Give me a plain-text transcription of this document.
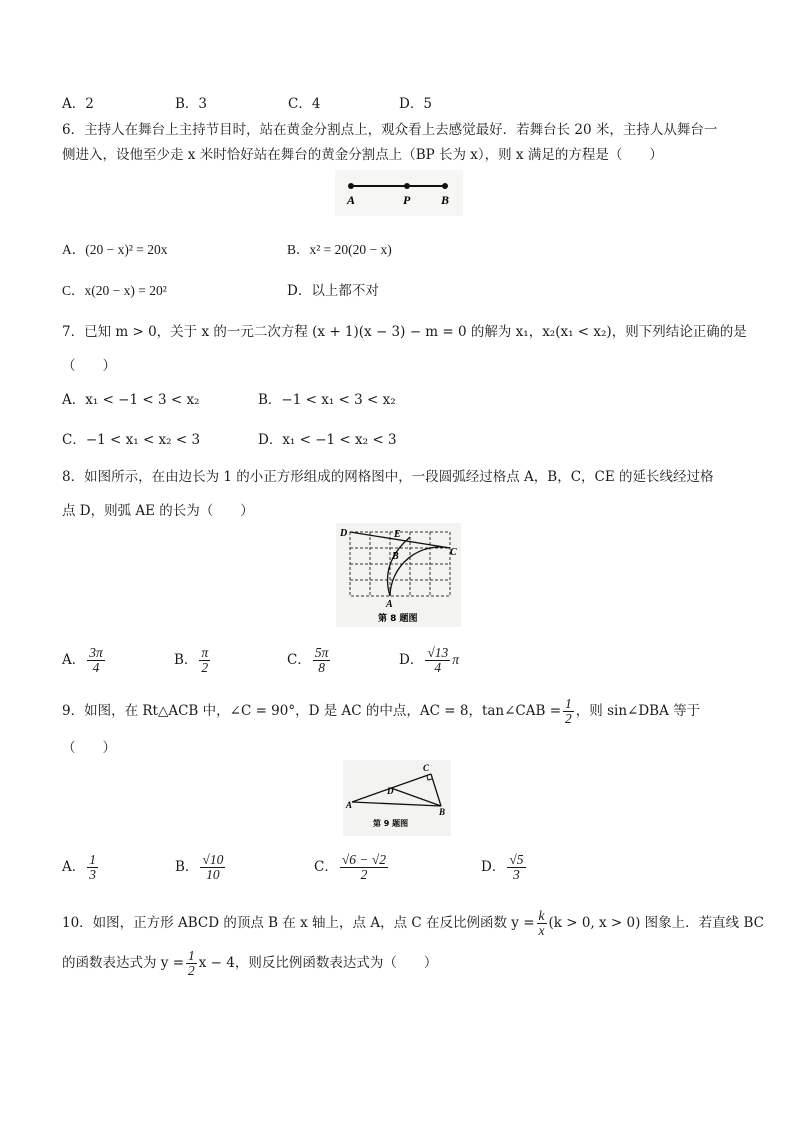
A．2	B．3	C．4	D．5
6．主持人在舞台上主持节目时，站在黄金分割点上，观众看上去感觉最好．若舞台长 20 米，主持人从舞台一
侧进入，设他至少走 x 米时恰好站在舞台的黄金分割点上（BP 长为 x），则 x 满足的方程是（　　）
A	P	B
A．(20 − x)² = 20x	B．x² = 20(20 − x)
C．x(20 − x) = 20²	D．以上都不对
7．已知 m > 0，关于 x 的一元二次方程 (x + 1)(x − 3) − m = 0 的解为 x₁，x₂(x₁ < x₂)，则下列结论正确的是
（　　）
A．x₁ < −1 < 3 < x₂	B．−1 < x₁ < 3 < x₂
C．−1 < x₁ < x₂ < 3	D．x₁ < −1 < x₂ < 3
8．如图所示，在由边长为 1 的小正方形组成的网格图中，一段圆弧经过格点 A，B，C，CE 的延长线经过格
点 D，则弧 AE 的长为（　　）
D	E
B	C
A
第 8 题图
A． $\frac{3\pi}{4}$	B． $\frac{\pi}{2}$	C． $\frac{5\pi}{8}$	D． $\frac{√13}{4}$ π
9．如图，在 Rt△ACB 中，∠C = 90°，D 是 AC 的中点，AC = 8，tan∠CAB = $\frac{1}{2}$ ，则 sin∠DBA 等于
（　　）
C
D
A
B
第 9 题图
A． $\frac{1}{3}$	B． $\frac{√10}{10}$	C． $\frac{√6 - √2}{2}$	D． $\frac{√5}{3}$
10．如图，正方形 ABCD 的顶点 B 在 x 轴上，点 A，点 C 在反比例函数 $y = \frac{k}{x} (k > 0$, x > 0) 图象上．若直线 BC
的函数表达式为 $y = \frac{1}{2}$ x − 4，则反比例函数表达式为（　　）
